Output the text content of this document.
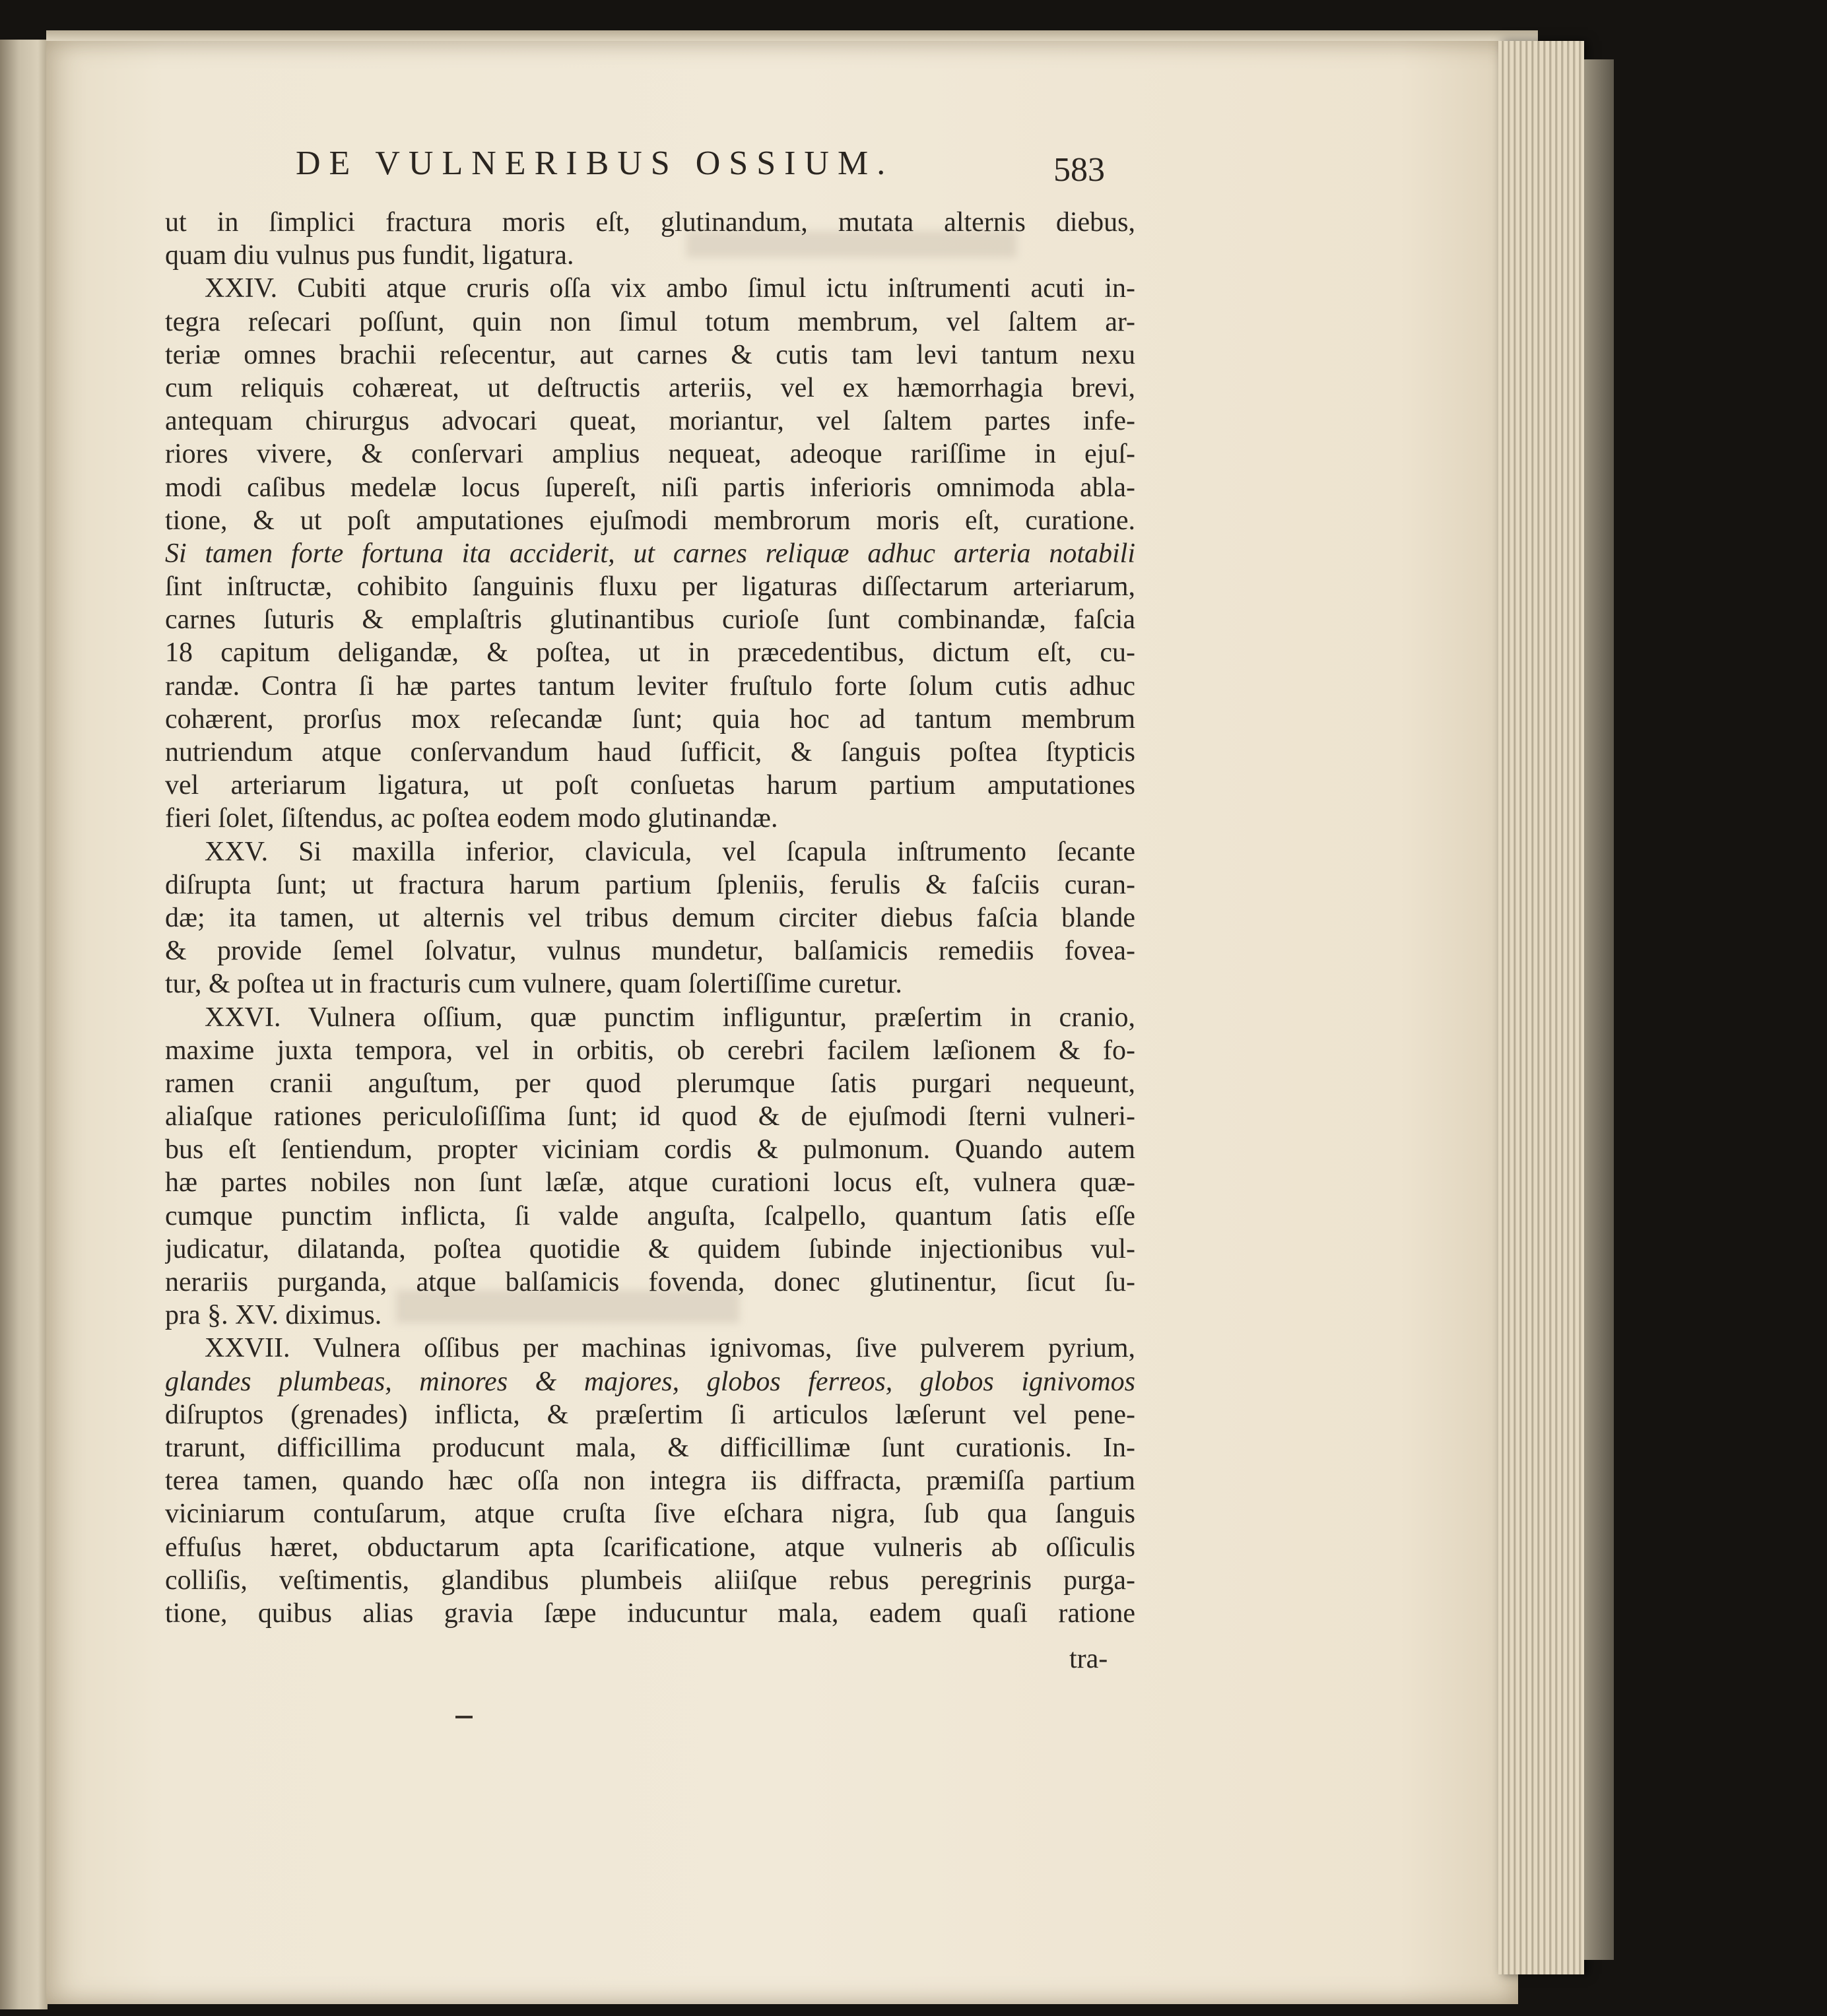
DE VULNERIBUS OSSIUM.	583
ut in ſimplici fractura moris eſt, glutinandum, mutata alternis diebus,
quam diu vulnus pus fundit, ligatura.
XXIV. Cubiti atque cruris oſſa vix ambo ſimul ictu inſtrumenti acuti in-
tegra reſecari poſſunt, quin non ſimul totum membrum, vel ſaltem ar-
teriæ omnes brachii reſecentur, aut carnes & cutis tam levi tantum nexu
cum reliquis cohæreat, ut deſtructis arteriis, vel ex hæmorrhagia brevi,
antequam chirurgus advocari queat, moriantur, vel ſaltem partes infe-
riores vivere, & conſervari amplius nequeat, adeoque rariſſime in ejuſ-
modi caſibus medelæ locus ſupereſt, niſi partis inferioris omnimoda abla-
tione, & ut poſt amputationes ejuſmodi membrorum moris eſt, curatione.
Si tamen forte fortuna ita acciderit, ut carnes reliquæ adhuc arteria notabili
ſint inſtructæ, cohibito ſanguinis fluxu per ligaturas diſſectarum arteriarum,
carnes ſuturis & emplaſtris glutinantibus curioſe ſunt combinandæ, faſcia
18 capitum deligandæ, & poſtea, ut in præcedentibus, dictum eſt, cu-
randæ. Contra ſi hæ partes tantum leviter fruſtulo forte ſolum cutis adhuc
cohærent, prorſus mox reſecandæ ſunt; quia hoc ad tantum membrum
nutriendum atque conſervandum haud ſufficit, & ſanguis poſtea ſtypticis
vel arteriarum ligatura, ut poſt conſuetas harum partium amputationes
fieri ſolet, ſiſtendus, ac poſtea eodem modo glutinandæ.
XXV. Si maxilla inferior, clavicula, vel ſcapula inſtrumento ſecante
diſrupta ſunt; ut fractura harum partium ſpleniis, ferulis & faſciis curan-
dæ; ita tamen, ut alternis vel tribus demum circiter diebus faſcia blande
& provide ſemel ſolvatur, vulnus mundetur, balſamicis remediis fovea-
tur, & poſtea ut in fracturis cum vulnere, quam ſolertiſſime curetur.
XXVI. Vulnera oſſium, quæ punctim infliguntur, præſertim in cranio,
maxime juxta tempora, vel in orbitis, ob cerebri facilem læſionem & fo-
ramen cranii anguſtum, per quod plerumque ſatis purgari nequeunt,
aliaſque rationes periculoſiſſima ſunt; id quod & de ejuſmodi ſterni vulneri-
bus eſt ſentiendum, propter viciniam cordis & pulmonum. Quando autem
hæ partes nobiles non ſunt læſæ, atque curationi locus eſt, vulnera quæ-
cumque punctim inflicta, ſi valde anguſta, ſcalpello, quantum ſatis eſſe
judicatur, dilatanda, poſtea quotidie & quidem ſubinde injectionibus vul-
nerariis purganda, atque balſamicis fovenda, donec glutinentur, ſicut ſu-
pra §. XV. diximus.
XXVII. Vulnera oſſibus per machinas ignivomas, ſive pulverem pyrium,
glandes plumbeas, minores & majores, globos ferreos, globos ignivomos
diſruptos (grenades) inflicta, & præſertim ſi articulos læſerunt vel pene-
trarunt, difficillima producunt mala, & difficillimæ ſunt curationis. In-
terea tamen, quando hæc oſſa non integra iis diffracta, præmiſſa partium
viciniarum contuſarum, atque cruſta ſive eſchara nigra, ſub qua ſanguis
effuſus hæret, obductarum apta ſcarificatione, atque vulneris ab oſſiculis
colliſis, veſtimentis, glandibus plumbeis aliiſque rebus peregrinis purga-
tione, quibus alias gravia ſæpe inducuntur mala, eadem quaſi ratione
tra-
